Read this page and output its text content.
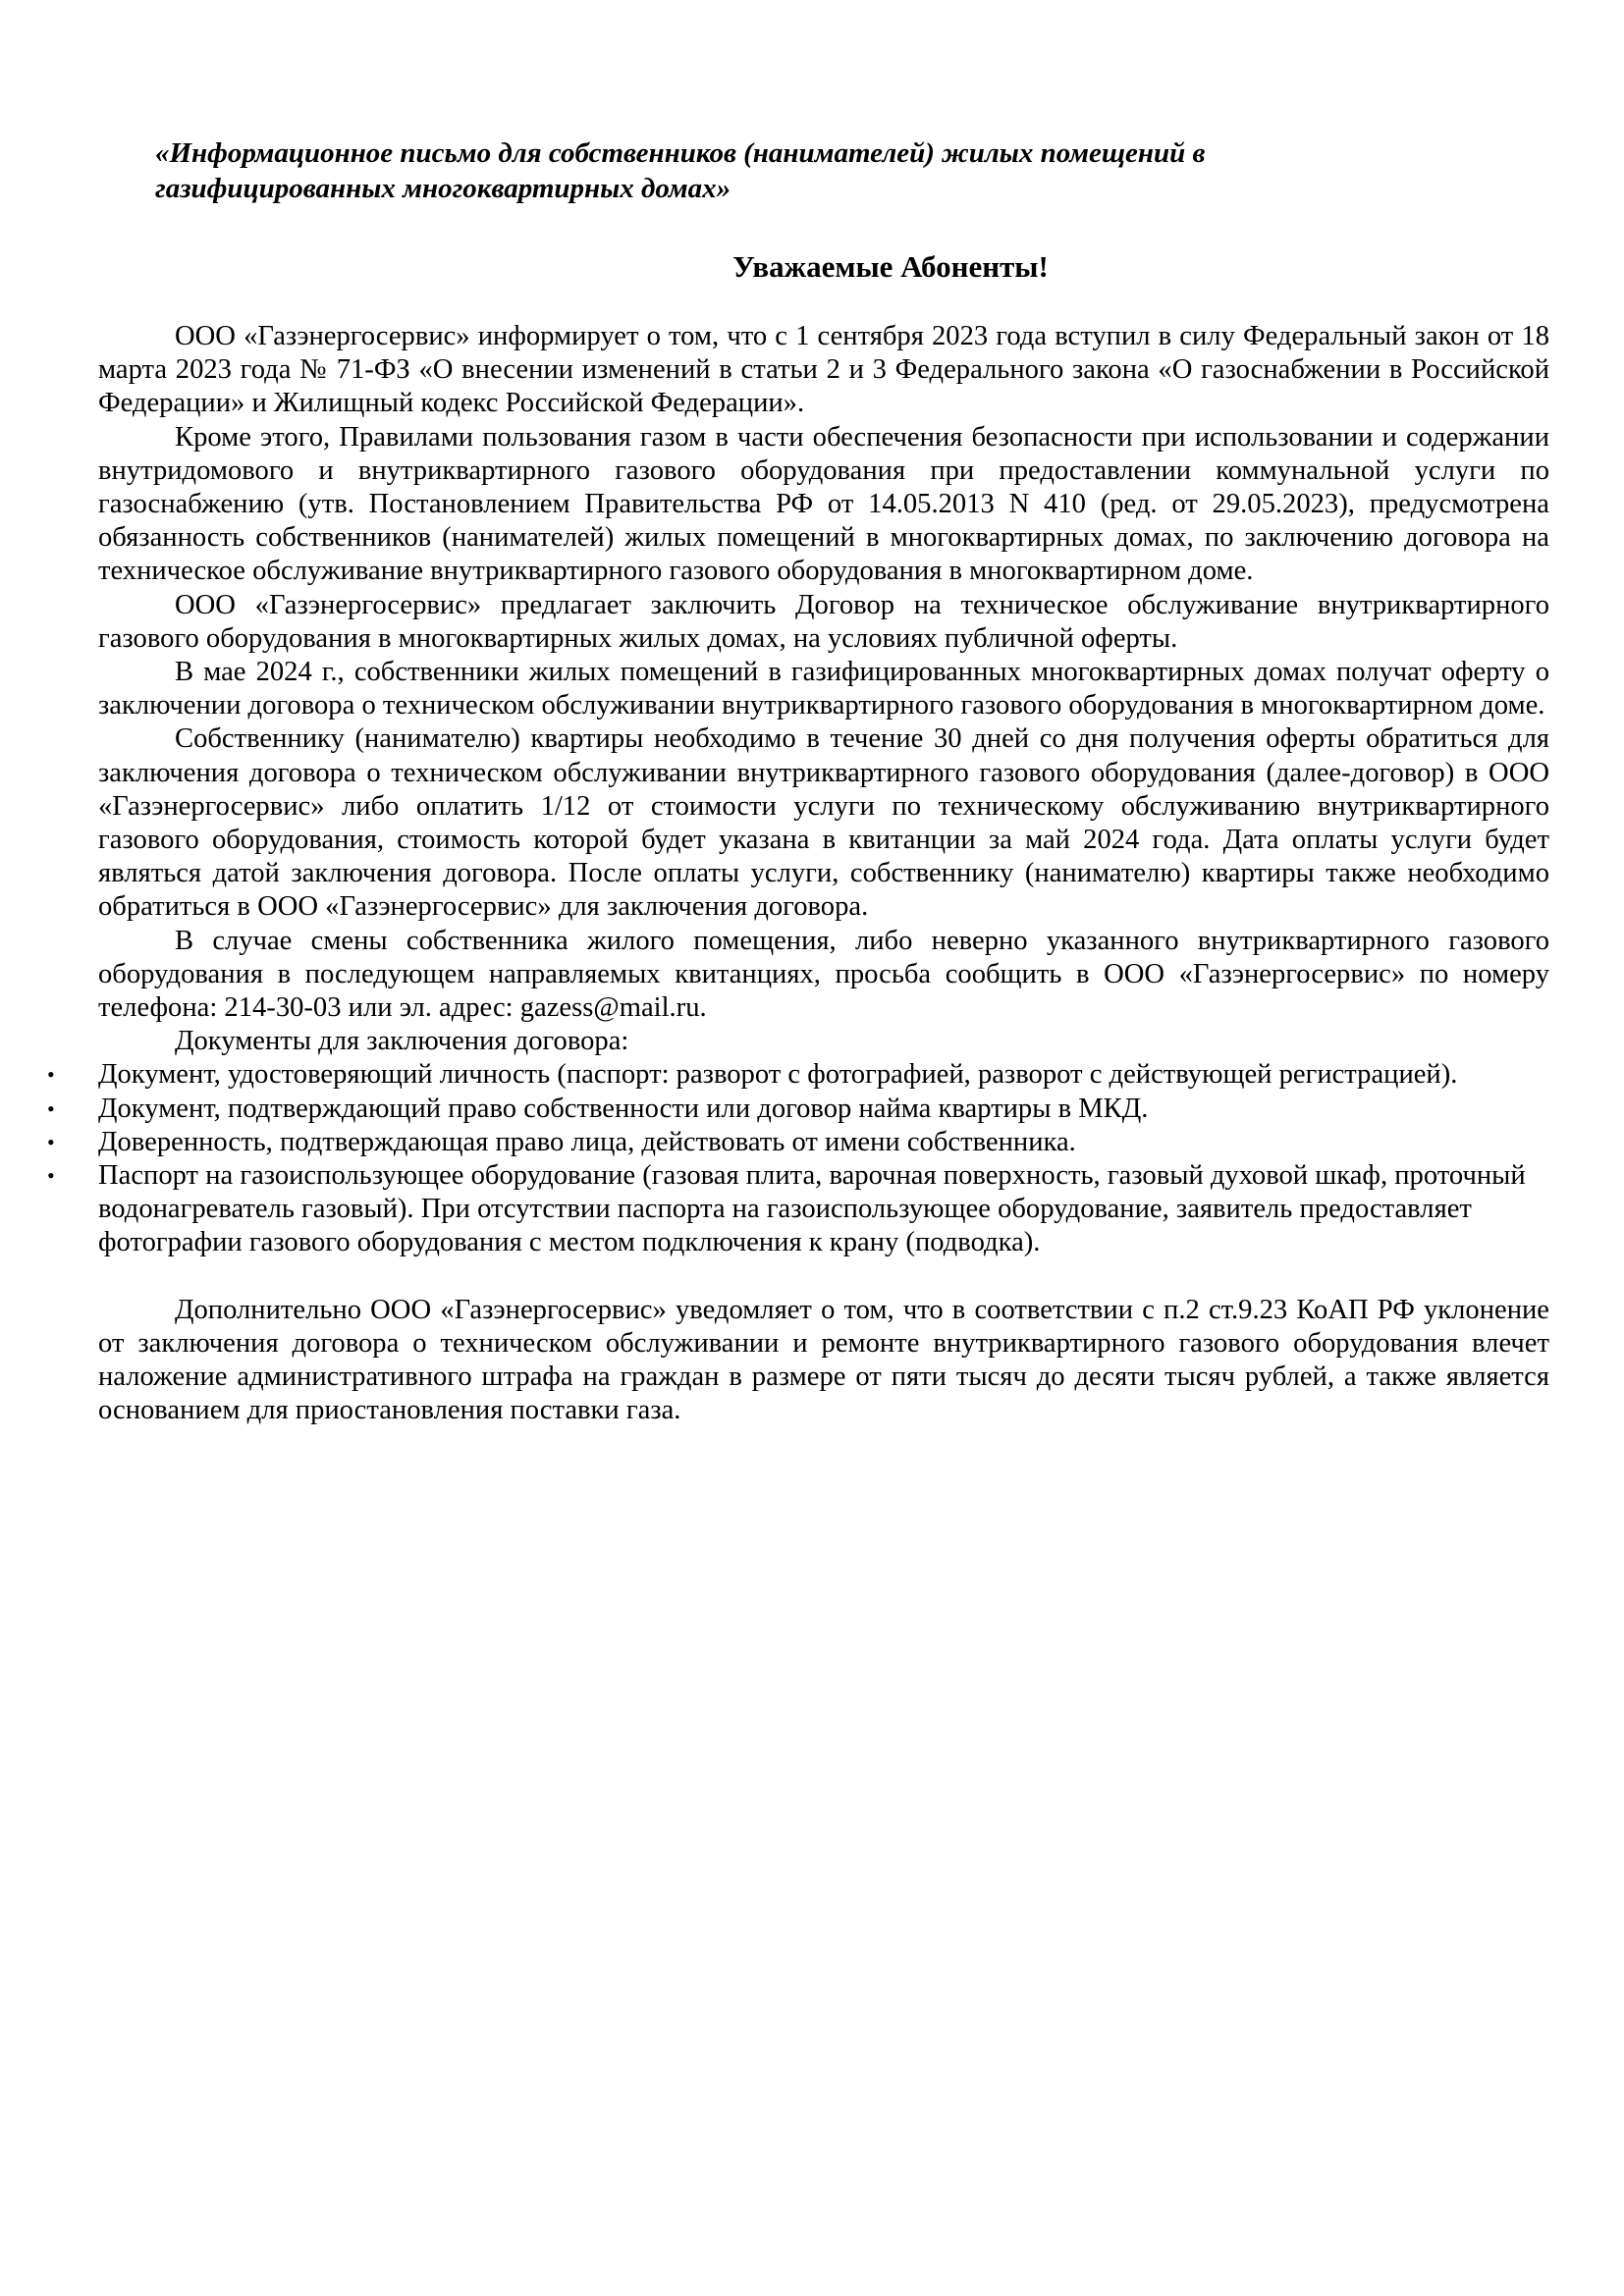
«Информационное письмо для собственников (нанимателей) жилых помещений в газифицированных многоквартирных домах»

Уважаемые Абоненты!

ООО «Газэнергосервис» информирует о том, что с 1 сентября 2023 года вступил в силу Федеральный закон от 18 марта 2023 года № 71-ФЗ «О внесении изменений в статьи 2 и 3 Федерального закона «О газоснабжении в Российской Федерации» и Жилищный кодекс Российской Федерации».

Кроме этого, Правилами пользования газом в части обеспечения безопасности при использовании и содержании внутридомового и внутриквартирного газового оборудования при предоставлении коммунальной услуги по газоснабжению (утв. Постановлением Правительства РФ от 14.05.2013 N 410 (ред. от 29.05.2023), предусмотрена обязанность собственников (нанимателей) жилых помещений в многоквартирных домах, по заключению договора на техническое обслуживание внутриквартирного газового оборудования в многоквартирном доме.

ООО «Газэнергосервис» предлагает заключить Договор на техническое обслуживание внутриквартирного газового оборудования в многоквартирных жилых домах, на условиях публичной оферты.

В мае 2024 г., собственники жилых помещений в газифицированных многоквартирных домах получат оферту о заключении договора о техническом обслуживании внутриквартирного газового оборудования в многоквартирном доме.

Собственнику (нанимателю) квартиры необходимо в течение 30 дней со дня получения оферты обратиться для заключения договора о техническом обслуживании внутриквартирного газового оборудования (далее-договор) в ООО «Газэнергосервис» либо оплатить 1/12 от стоимости услуги по техническому обслуживанию внутриквартирного газового оборудования, стоимость которой будет указана в квитанции за май 2024 года. Дата оплаты услуги будет являться датой заключения договора. После оплаты услуги, собственнику (нанимателю) квартиры также необходимо обратиться в ООО «Газэнергосервис» для заключения договора.

В случае смены собственника жилого помещения, либо неверно указанного внутриквартирного газового оборудования в последующем направляемых квитанциях, просьба сообщить в ООО «Газэнергосервис» по номеру телефона: 214-30-03 или эл. адрес: gazess@mail.ru.

Документы для заключения договора:

• Документ, удостоверяющий личность (паспорт: разворот с фотографией, разворот с действующей регистрацией).
• Документ, подтверждающий право собственности или договор найма квартиры в МКД.
• Доверенность, подтверждающая право лица, действовать от имени собственника.
• Паспорт на газоиспользующее оборудование (газовая плита, варочная поверхность, газовый духовой шкаф, проточный водонагреватель газовый). При отсутствии паспорта на газоиспользующее оборудование, заявитель предоставляет фотографии газового оборудования с местом подключения к крану (подводка).

Дополнительно ООО «Газэнергосервис» уведомляет о том, что в соответствии с п.2 ст.9.23 КоАП РФ уклонение от заключения договора о техническом обслуживании и ремонте внутриквартирного газового оборудования влечет наложение административного штрафа на граждан в размере от пяти тысяч до десяти тысяч рублей, а также является основанием для приостановления поставки газа.
